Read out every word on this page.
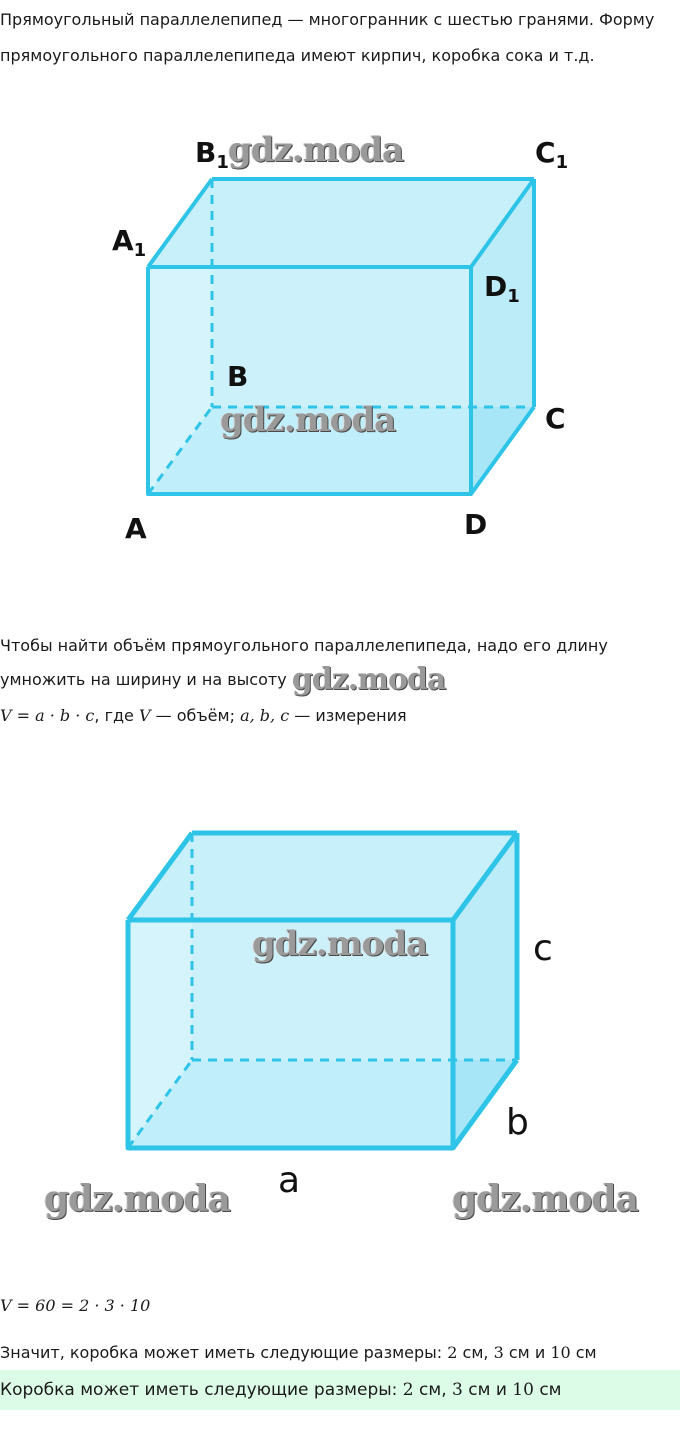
Прямоугольный параллелепипед — многогранник с шестью гранями. Форму прямоугольного параллелепипеда имеют кирпич, коробка сока и т.д.

$B_1$	$C_1$
$A_1$
$D_1$
B
C
A	D
gdz.moda
gdz.moda

Чтобы найти объём прямоугольного параллелепипеда, надо его длину

умножить на ширину и на высоту gdz.moda

V = a · b · c, где V — объём; a, b, c — измерения

c
b
a
gdz.moda
gdz.moda	gdz.moda

V = 60 = 2 · 3 · 10

Значит, коробка может иметь следующие размеры: 2 см, 3 см и 10 см

Коробка может иметь следующие размеры: 2 см, 3 см и 10 см
